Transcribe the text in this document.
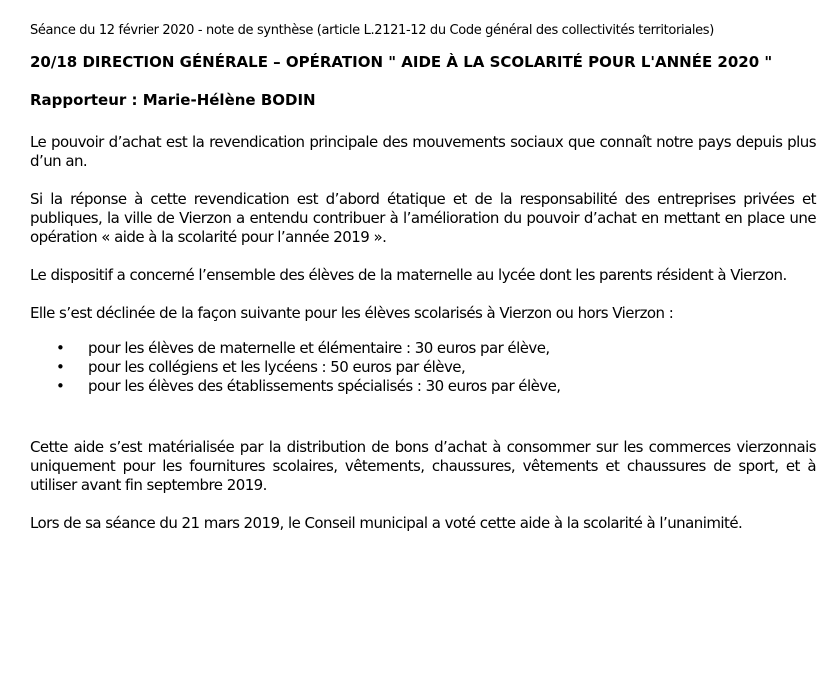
Séance du 12 février 2020 - note de synthèse (article L.2121-12 du Code général des collectivités territoriales)
20/18 DIRECTION GÉNÉRALE – OPÉRATION " AIDE À LA SCOLARITÉ POUR L'ANNÉE 2020 "
Rapporteur : Marie-Hélène BODIN

Le pouvoir d’achat est la revendication principale des mouvements sociaux que connaît notre pays depuis plus d’un an.

Si la réponse à cette revendication est d’abord étatique et de la responsabilité des entreprises privées et publiques, la ville de Vierzon a entendu contribuer à l’amélioration du pouvoir d’achat en mettant en place une opération « aide à la scolarité pour l’année 2019 ».

Le dispositif a concerné l’ensemble des élèves de la maternelle au lycée dont les parents résident à Vierzon.

Elle s’est déclinée de la façon suivante pour les élèves scolarisés à Vierzon ou hors Vierzon :

• pour les élèves de maternelle et élémentaire : 30 euros par élève,
• pour les collégiens et les lycéens : 50 euros par élève,
• pour les élèves des établissements spécialisés : 30 euros par élève,

Cette aide s’est matérialisée par la distribution de bons d’achat à consommer sur les commerces vierzonnais uniquement pour les fournitures scolaires, vêtements, chaussures, vêtements et chaussures de sport, et à utiliser avant fin septembre 2019.

Lors de sa séance du 21 mars 2019, le Conseil municipal a voté cette aide à la scolarité à l’unanimité.
